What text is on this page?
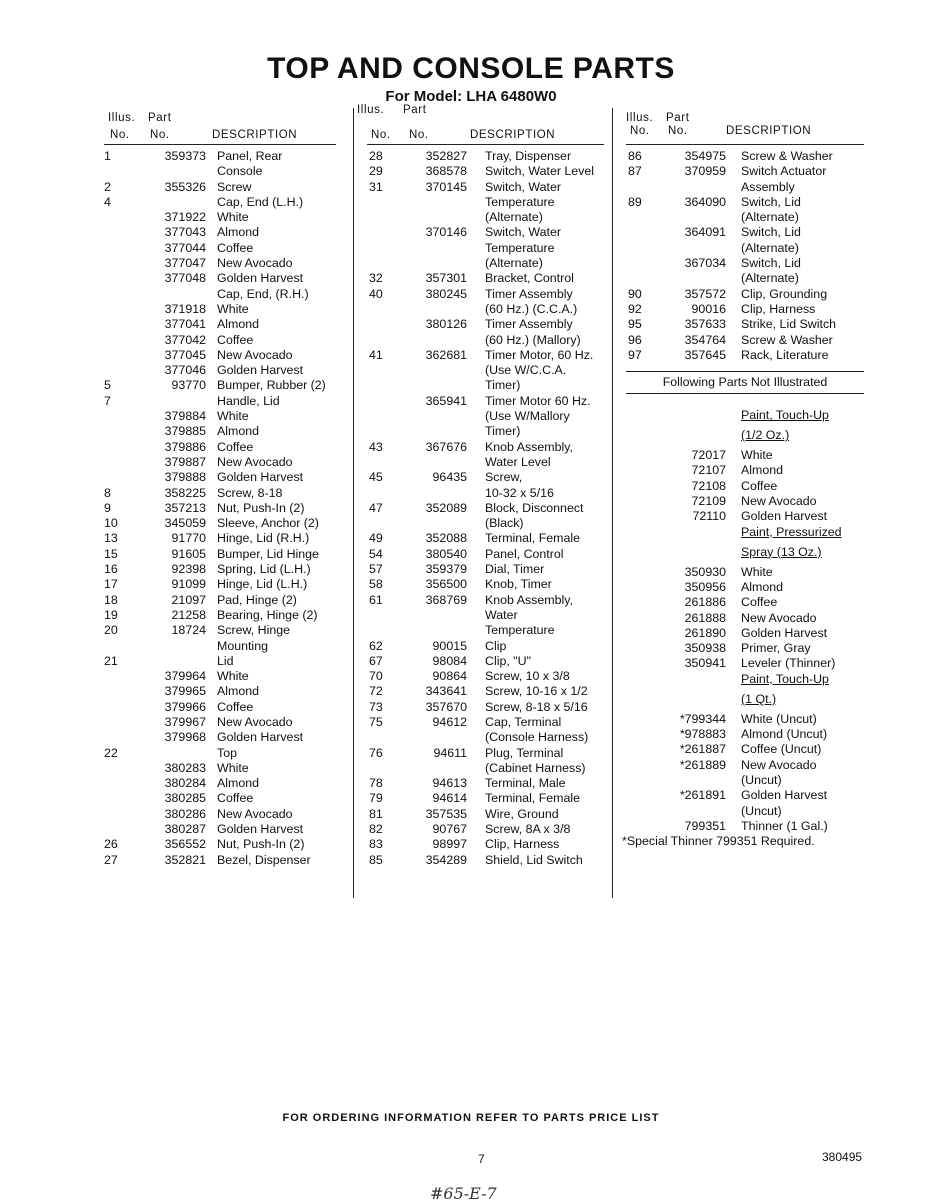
TOP AND CONSOLE PARTS
For Model: LHA 6480W0
Illus. Part
No. No.	DESCRIPTION
1	359373 Panel, Rear
Console
2	355326 Screw
4	Cap, End (L.H.)
371922 White
377043 Almond
377044 Coffee
377047 New Avocado
377048 Golden Harvest
Cap, End, (R.H.)
371918 White
377041 Almond
377042 Coffee
377045 New Avocado
377046 Golden Harvest
5	93770 Bumper, Rubber (2)
7	Handle, Lid
379884 White
379885 Almond
379886 Coffee
379887 New Avocado
379888 Golden Harvest
8	358225 Screw, 8-18
9	357213 Nut, Push-In (2)
10	345059 Sleeve, Anchor (2)
13	91770 Hinge, Lid (R.H.)
15	91605 Bumper, Lid Hinge
16	92398 Spring, Lid (L.H.)
17	91099 Hinge, Lid (L.H.)
18	21097 Pad, Hinge (2)
19	21258 Bearing, Hinge (2)
20	18724 Screw, Hinge
Mounting
21	Lid
379964 White
379965 Almond
379966 Coffee
379967 New Avocado
379968 Golden Harvest
22	Top
380283 White
380284 Almond
380285 Coffee
380286 New Avocado
380287 Golden Harvest
26	356552 Nut, Push-In (2)
27	352821 Bezel, Dispenser
Illus. Part
No. No.	DESCRIPTION
28	352827 Tray, Dispenser
29	368578 Switch, Water Level
31	370145 Switch, Water
Temperature
(Alternate)
370146 Switch, Water
Temperature
(Alternate)
32	357301 Bracket, Control
40	380245 Timer Assembly
(60 Hz.) (C.C.A.)
380126 Timer Assembly
(60 Hz.) (Mallory)
41	362681 Timer Motor, 60 Hz.
(Use W/C.C.A.
Timer)
365941 Timer Motor 60 Hz.
(Use W/Mallory
Timer)
43	367676 Knob Assembly,
Water Level
45	96435 Screw,
10-32 x 5/16
47	352089 Block, Disconnect
(Black)
49	352088 Terminal, Female
54	380540 Panel, Control
57	359379 Dial, Timer
58	356500 Knob, Timer
61	368769 Knob Assembly,
Water
Temperature
62	90015 Clip
67	98084 Clip, "U"
70	90864 Screw, 10 x 3/8
72	343641 Screw, 10-16 x 1/2
73	357670 Screw, 8-18 x 5/16
75	94612 Cap, Terminal
(Console Harness)
76	94611 Plug, Terminal
(Cabinet Harness)
78	94613 Terminal, Male
79	94614 Terminal, Female
81	357535 Wire, Ground
82	90767 Screw, 8A x 3/8
83	98997 Clip, Harness
85	354289 Shield, Lid Switch
Illus. Part
No. No.	DESCRIPTION
86	354975 Screw & Washer
87	370959 Switch Actuator
Assembly
89	364090 Switch, Lid
(Alternate)
364091 Switch, Lid
(Alternate)
367034 Switch, Lid
(Alternate)
90	357572 Clip, Grounding
92	90016 Clip, Harness
95	357633 Strike, Lid Switch
96	354764 Screw & Washer
97	357645 Rack, Literature
Following Parts Not Illustrated
Paint, Touch-Up
(1/2 Oz.)
72017 White
72107 Almond
72108 Coffee
72109 New Avocado
72110 Golden Harvest
Paint, Pressurized
Spray (13 Oz.)
350930 White
350956 Almond
261886 Coffee
261888 New Avocado
261890 Golden Harvest
350938 Primer, Gray
350941 Leveler (Thinner)
Paint, Touch-Up
(1 Qt.)
*799344 White (Uncut)
*978883 Almond (Uncut)
*261887 Coffee (Uncut)
*261889 New Avocado
(Uncut)
*261891 Golden Harvest
(Uncut)
799351 Thinner (1 Gal.)
*Special Thinner 799351 Required.
FOR ORDERING INFORMATION REFER TO PARTS PRICE LIST
7	380495
#65-E-7
